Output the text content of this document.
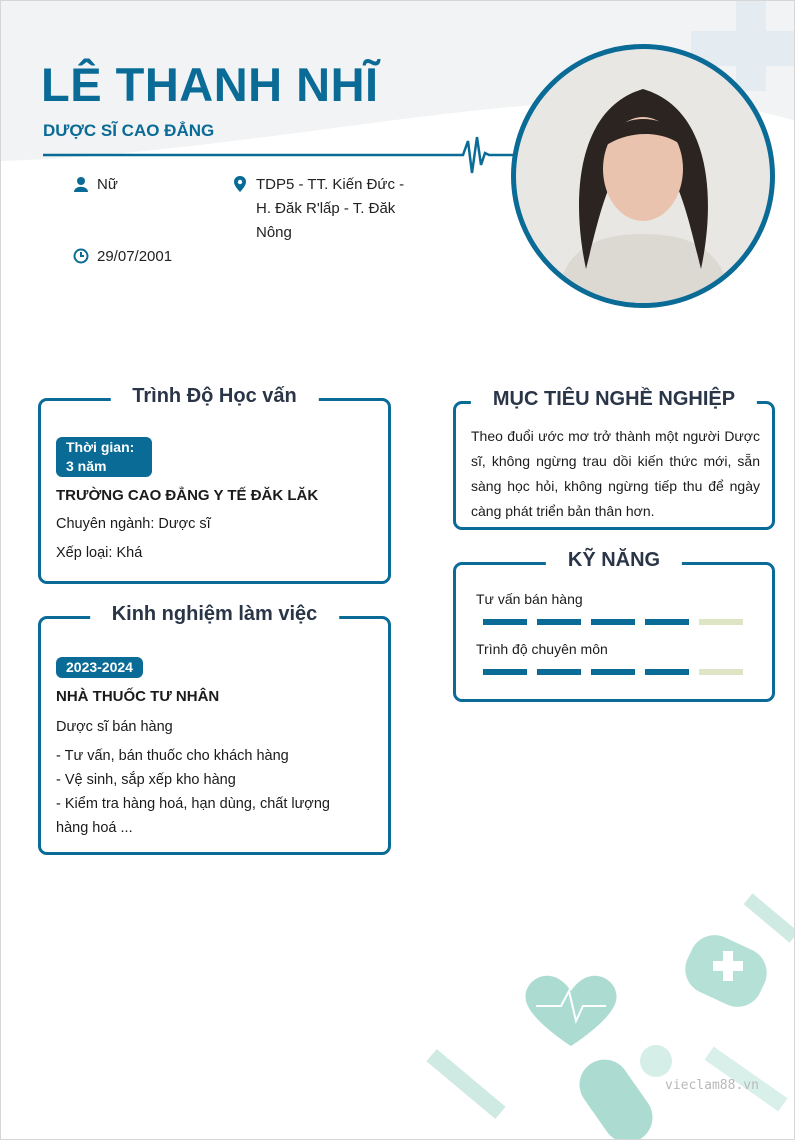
LÊ THANH NHĨ
DƯỢC SĨ CAO ĐẲNG
Nữ	TDP5 - TT. Kiến Đức - H. Đăk R'lấp - T. Đăk Nông
29/07/2001
Trình Độ Học vấn
Thời gian: 3 năm
TRƯỜNG CAO ĐẲNG Y TẾ ĐĂK LĂK
Chuyên ngành: Dược sĩ
Xếp loại: Khá
Kinh nghiệm làm việc
2023-2024
NHÀ THUỐC TƯ NHÂN
Dược sĩ bán hàng
- Tư vấn, bán thuốc cho khách hàng
- Vệ sinh, sắp xếp kho hàng
- Kiểm tra hàng hoá, hạn dùng, chất lượng hàng hoá ...
MỤC TIÊU NGHỀ NGHIỆP
Theo đuổi ước mơ trở thành một người Dược sĩ, không ngừng trau dồi kiến thức mới, sẵn sàng học hỏi, không ngừng tiếp thu để ngày càng phát triển bản thân hơn.
KỸ NĂNG
Tư vấn bán hàng
Trình độ chuyên môn
vieclam88.vn
